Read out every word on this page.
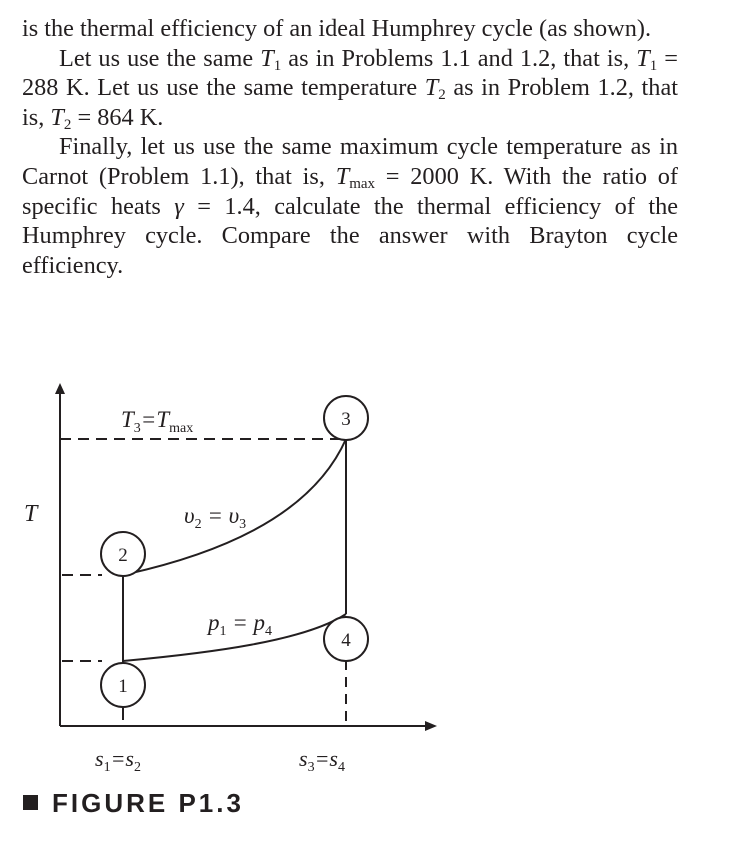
is the thermal efficiency of an ideal Humphrey cycle (as shown).

Let us use the same $T_1$ as in Problems 1.1 and 1.2, that is, $T_1 = 288$ K. Let us use the same temperature $T_2$ as in Problem 1.2, that is, $T_2 = 864$ K.

Finally, let us use the same maximum cycle temperature as in Carnot (Problem 1.1), that is, $T_{max} = 2000$ K. With the ratio of specific heats γ = 1.4, calculate the thermal efficiency of the Humphrey cycle. Compare the answer with Brayton cycle efficiency.

3
2
4
1
T
$T_3=T_{max}$
$\upsilon_2 = \upsilon_3$
$p_1 = p_4$
$s_1=s_2$	$s_3=s_4$
FIGURE P1.3
